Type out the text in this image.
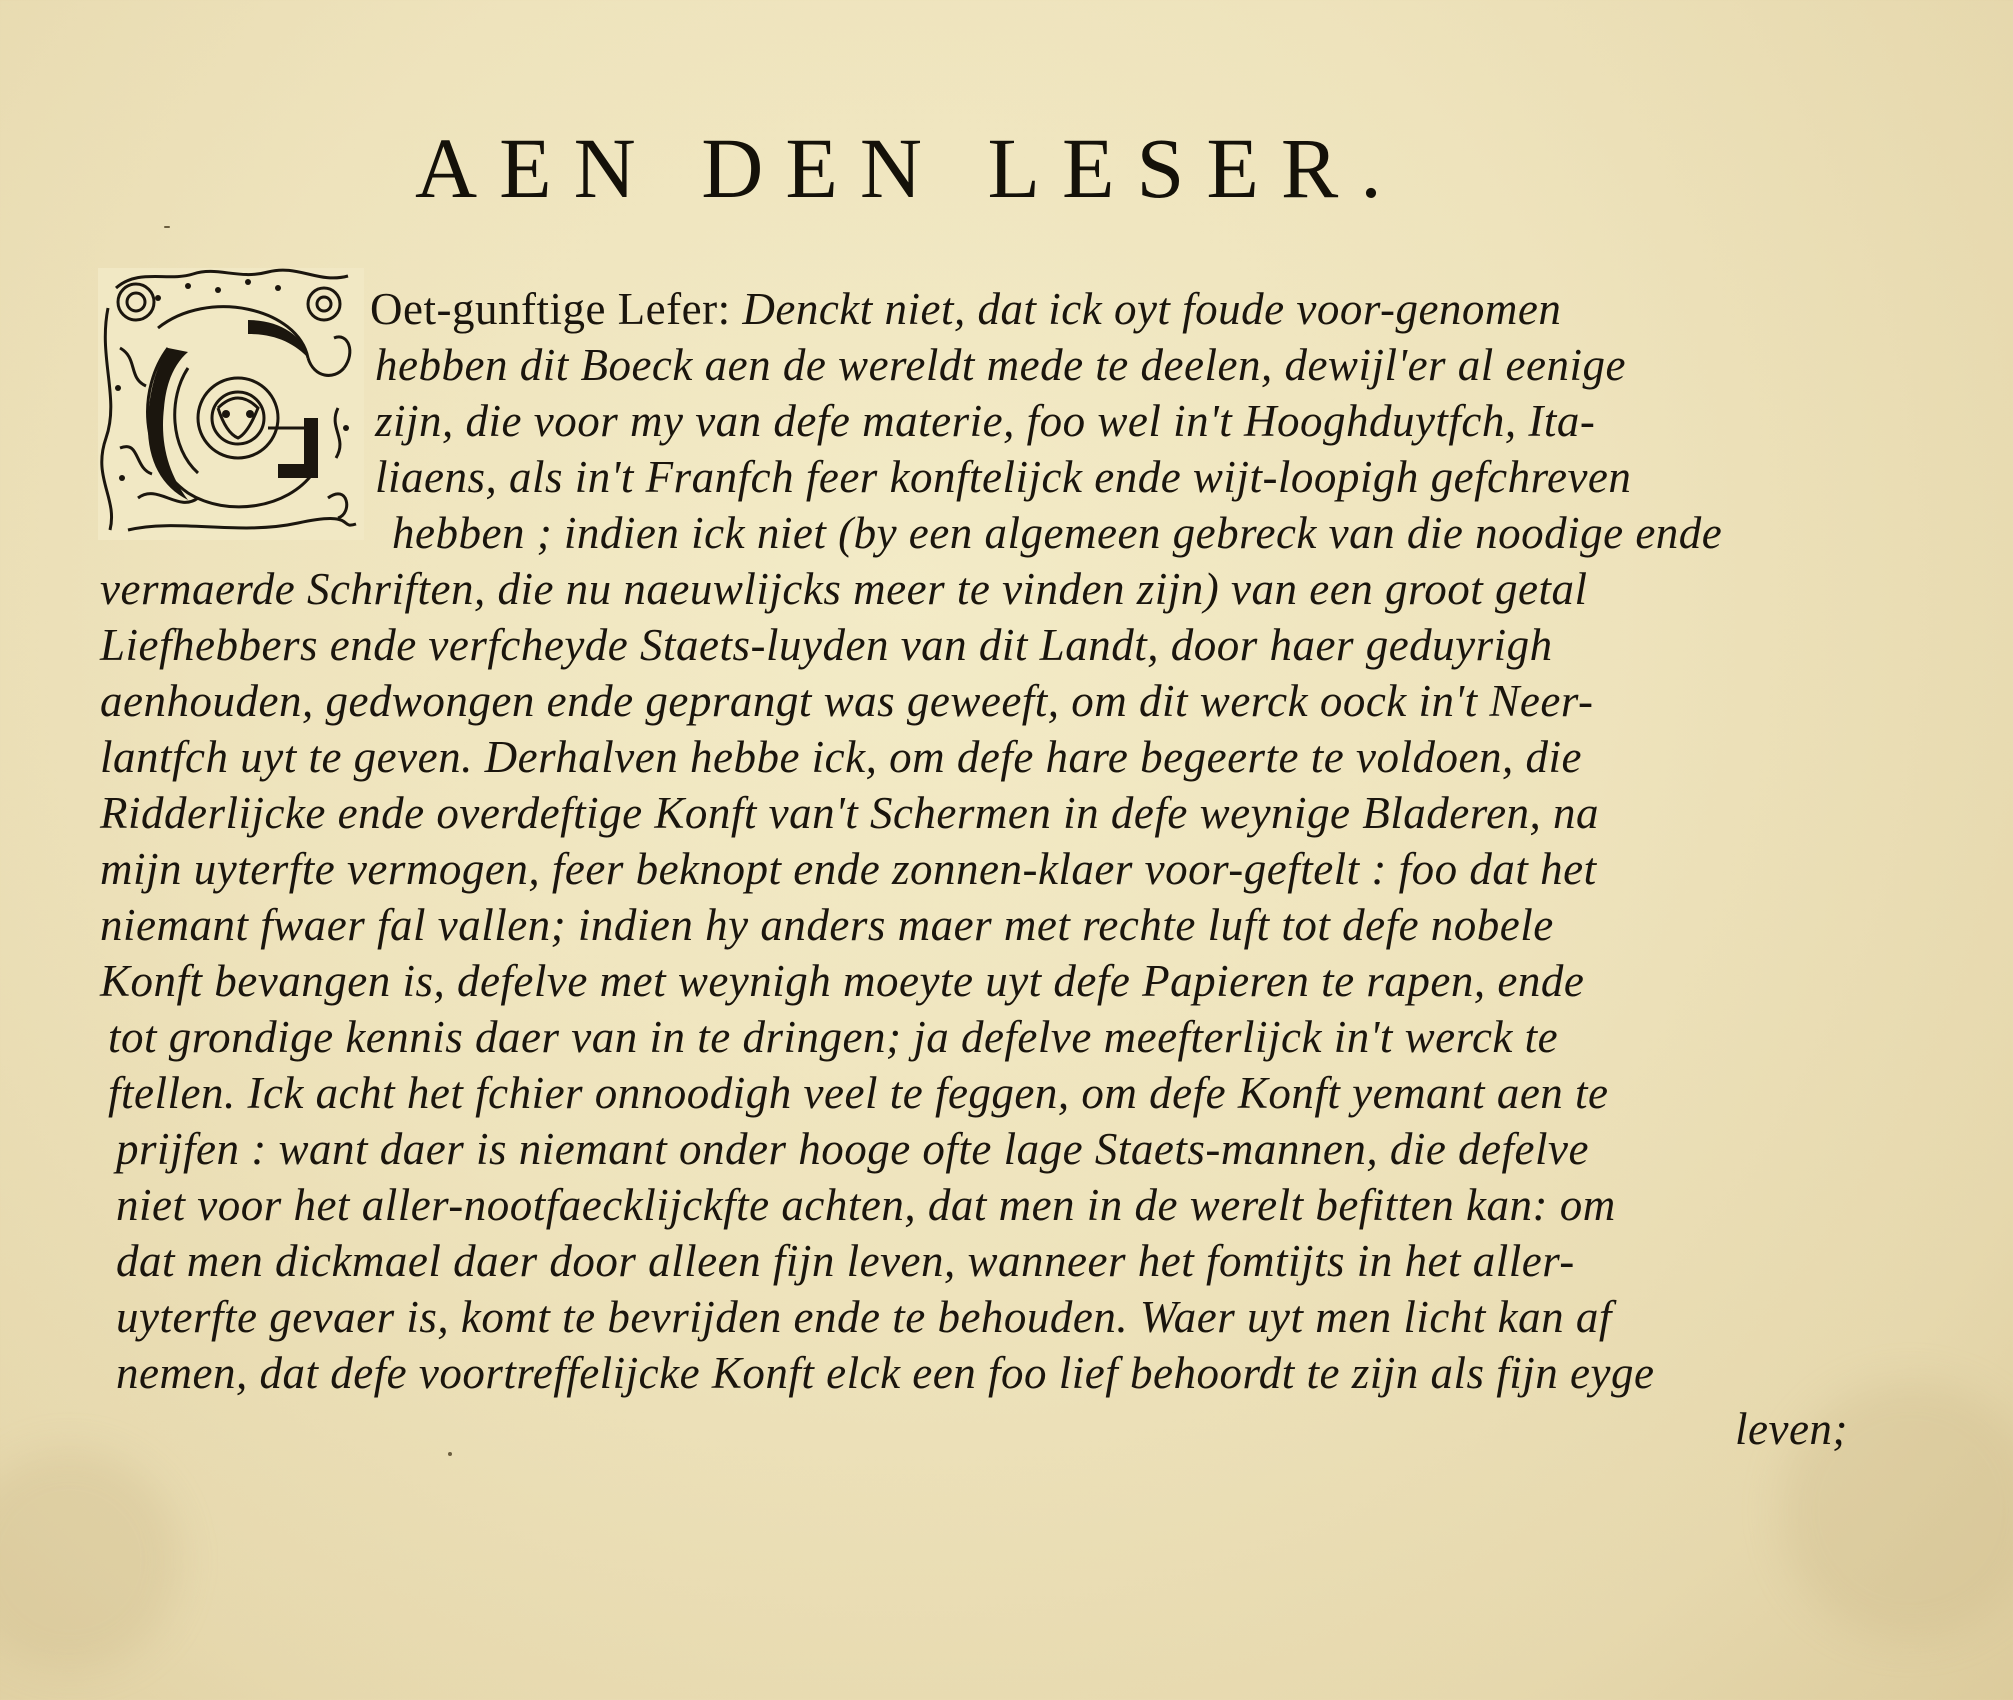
AEN DEN LESER.
Oet-gunftige Lefer: Denckt niet, dat ick oyt foude voor-genomen
hebben dit Boeck aen de wereldt mede te deelen, dewijl'er al eenige
zijn, die voor my van defe materie, foo wel in't Hooghduytfch, Ita-
liaens, als in't Franfch feer konftelijck ende wijt-loopigh gefchreven
hebben ; indien ick niet (by een algemeen gebreck van die noodige ende
vermaerde Schriften, die nu naeuwlijcks meer te vinden zijn) van een groot getal
Liefhebbers ende verfcheyde Staets-luyden van dit Landt, door haer geduyrigh
aenhouden, gedwongen ende geprangt was geweeft, om dit werck oock in't Neer-
lantfch uyt te geven. Derhalven hebbe ick, om defe hare begeerte te voldoen, die
Ridderlijcke ende overdeftige Konft van't Schermen in defe weynige Bladeren, na
mijn uyterfte vermogen, feer beknopt ende zonnen-klaer voor-geftelt : foo dat het
niemant fwaer fal vallen; indien hy anders maer met rechte luft tot defe nobele
Konft bevangen is, defelve met weynigh moeyte uyt defe Papieren te rapen, ende
tot grondige kennis daer van in te dringen; ja defelve meefterlijck in't werck te
ftellen. Ick acht het fchier onnoodigh veel te feggen, om defe Konft yemant aen te
prijfen : want daer is niemant onder hooge ofte lage Staets-mannen, die defelve
niet voor het aller-nootfaecklijckfte achten, dat men in de werelt befitten kan: om
dat men dickmael daer door alleen fijn leven, wanneer het fomtijts in het aller-
uyterfte gevaer is, komt te bevrijden ende te behouden. Waer uyt men licht kan af
nemen, dat defe voortreffelijcke Konft elck een foo lief behoordt te zijn als fijn eyge
leven;
